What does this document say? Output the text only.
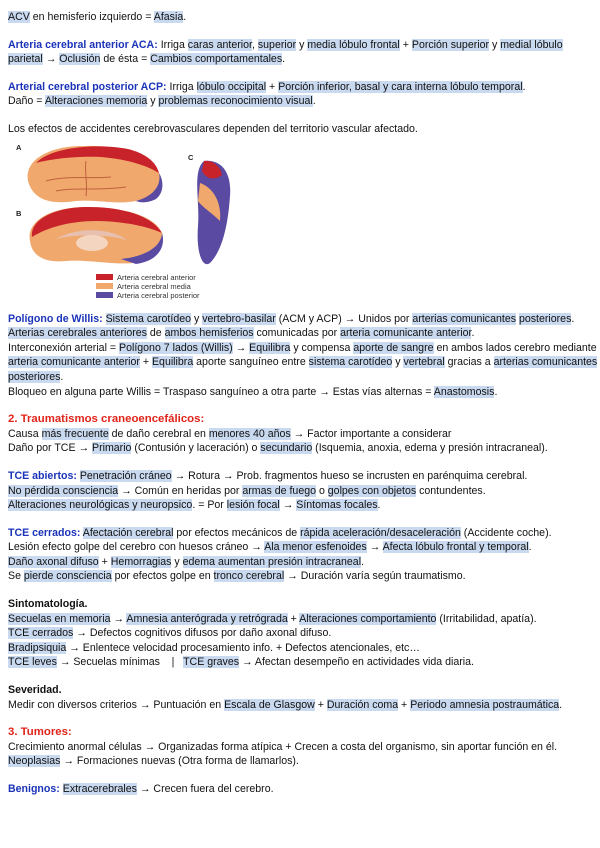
ACV en hemisferio izquierdo = Afasia.

Arteria cerebral anterior ACA: Irriga caras anterior, superior y media lóbulo frontal + Porción superior y medial lóbulo parietal → Oclusión de ésta = Cambios comportamentales.

Arterial cerebral posterior ACP: Irriga lóbulo occipital + Porción inferior, basal y cara interna lóbulo temporal.

Daño = Alteraciones memoria y problemas reconocimiento visual.

Los efectos de accidentes cerebrovasculares dependen del territorio vascular afectado.

A
B
C
Arteria cerebral anterior
Arteria cerebral media
Arteria cerebral posterior

Polígono de Willis: Sistema carotídeo y vertebro-basilar (ACM y ACP) → Unidos por arterias comunicantes posteriores.

Arterias cerebrales anteriores de ambos hemisferios comunicadas por arteria comunicante anterior.

Interconexión arterial = Polígono 7 lados (Willis) → Equilibra y compensa aporte de sangre en ambos lados cerebro mediante arteria comunicante anterior + Equilibra aporte sanguíneo entre sistema carotídeo y vertebral gracias a arterias comunicantes posteriores.

Bloqueo en alguna parte Willis = Traspaso sanguíneo a otra parte → Estas vías alternas = Anastomosis.

2. Traumatismos craneoencefálicos:

Causa más frecuente de daño cerebral en menores 40 años → Factor importante a considerar

Daño por TCE → Primario (Contusión y laceración) o secundario (Isquemia, anoxia, edema y presión intracraneal).

TCE abiertos: Penetración cráneo → Rotura → Prob. fragmentos hueso se incrusten en parénquima cerebral.

No pérdida consciencia → Común en heridas por armas de fuego o golpes con objetos contundentes.

Alteraciones neurológicas y neuropsico. = Por lesión focal → Síntomas focales.

TCE cerrados: Afectación cerebral por efectos mecánicos de rápida aceleración/desaceleración (Accidente coche).

Lesión efecto golpe del cerebro con huesos cráneo → Ala menor esfenoides → Afecta lóbulo frontal y temporal.

Daño axonal difuso + Hemorragias y edema aumentan presión intracraneal.

Se pierde consciencia por efectos golpe en tronco cerebral → Duración varía según traumatismo.

Sintomatología.

Secuelas en memoria → Amnesia anterógrada y retrógrada + Alteraciones comportamiento (Irritabilidad, apatía).

TCE cerrados → Defectos cognitivos difusos por daño axonal difuso.

Bradipsiquia → Enlentece velocidad procesamiento info. + Defectos atencionales, etc…

TCE leves → Secuelas mínimas    |   TCE graves → Afectan desempeño en actividades vida diaria.

Severidad.

Medir con diversos criterios → Puntuación en Escala de Glasgow + Duración coma + Periodo amnesia postraumática.

3. Tumores:

Crecimiento anormal células → Organizadas forma atípica + Crecen a costa del organismo, sin aportar función en él.

Neoplasias → Formaciones nuevas (Otra forma de llamarlos).

Benignos: Extracerebrales → Crecen fuera del cerebro.
